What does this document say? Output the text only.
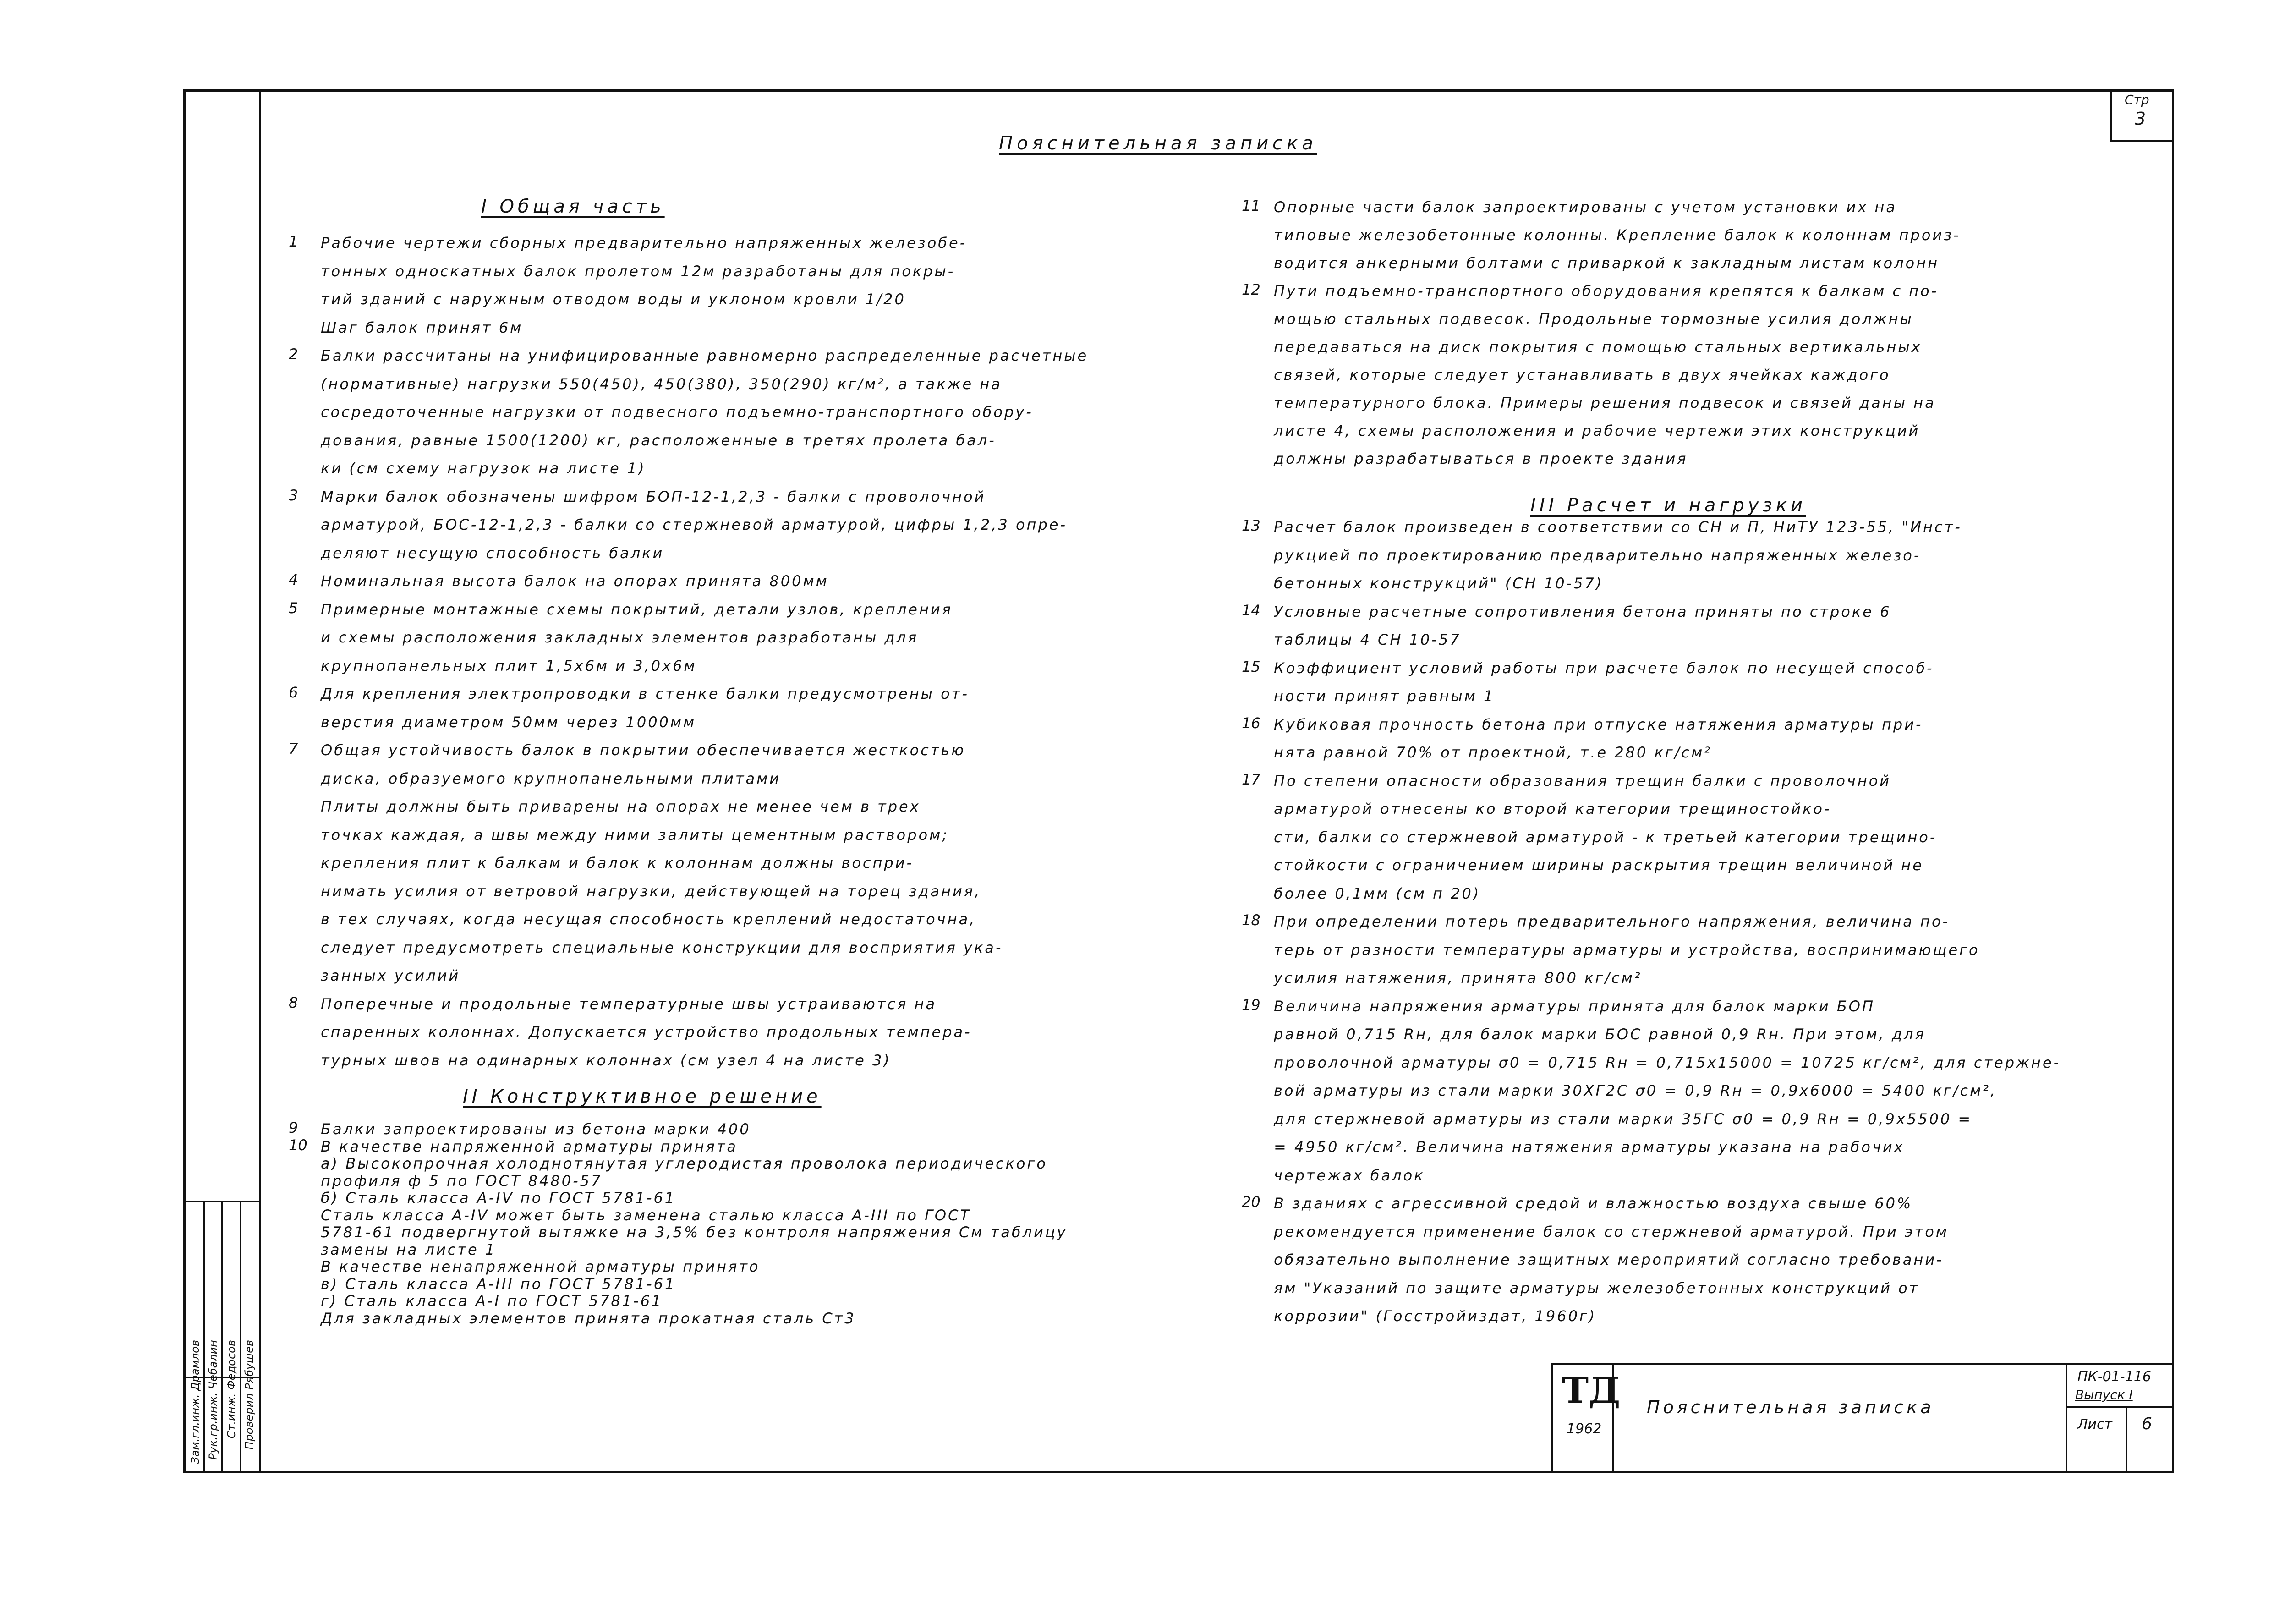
Стр
3
Пояснительная записка
I Общая часть
II Конструктивное решение
III Расчет и нагрузки
1 Рабочие чертежи сборных предварительно напряженных железобе-
тонных односкатных балок пролетом 12м разработаны для покры-
тий зданий с наружным отводом воды и уклоном кровли 1/20
Шаг балок принят 6м
2 Балки рассчитаны на унифицированные равномерно распределенные расчетные
(нормативные) нагрузки 550(450), 450(380), 350(290) кг/м², а также на
сосредоточенные нагрузки от подвесного подъемно-транспортного обору-
дования, равные 1500(1200) кг, расположенные в третях пролета бал-
ки (см схему нагрузок на листе 1)
3 Марки балок обозначены шифром БОП-12-1,2,3 - балки с проволочной
арматурой, БОС-12-1,2,3 - балки со стержневой арматурой, цифры 1,2,3 опре-
деляют несущую способность балки
4 Номинальная высота балок на опорах принята 800мм
5 Примерные монтажные схемы покрытий, детали узлов, крепления
и схемы расположения закладных элементов разработаны для
крупнопанельных плит 1,5х6м и 3,0х6м
6 Для крепления электропроводки в стенке балки предусмотрены от-
верстия диаметром 50мм через 1000мм
7 Общая устойчивость балок в покрытии обеспечивается жесткостью
диска, образуемого крупнопанельными плитами
Плиты должны быть приварены на опорах не менее чем в трех
точках каждая, а швы между ними залиты цементным раствором;
крепления плит к балкам и балок к колоннам должны воспри-
нимать усилия от ветровой нагрузки, действующей на торец здания,
в тех случаях, когда несущая способность креплений недостаточна,
следует предусмотреть специальные конструкции для восприятия ука-
занных усилий
8 Поперечные и продольные температурные швы устраиваются на
спаренных колоннах. Допускается устройство продольных темпера-
турных швов на одинарных колоннах (см узел 4 на листе 3)
9 Балки запроектированы из бетона марки 400
10 В качестве напряженной арматуры принята
а) Высокопрочная холоднотянутая углеродистая проволока периодического
профиля ф 5 по ГОСТ 8480-57
б) Сталь класса А-IV по ГОСТ 5781-61
Сталь класса А-IV может быть заменена сталью класса А-III по ГОСТ
5781-61 подвергнутой вытяжке на 3,5% без контроля напряжения См таблицу
замены на листе 1
В качестве ненапряженной арматуры принято
в) Сталь класса А-III по ГОСТ 5781-61
г) Сталь класса А-I по ГОСТ 5781-61
Для закладных элементов принята прокатная сталь Ст3
11 Опорные части балок запроектированы с учетом установки их на
типовые железобетонные колонны. Крепление балок к колоннам произ-
водится анкерными болтами с приваркой к закладным листам колонн
12 Пути подъемно-транспортного оборудования крепятся к балкам с по-
мощью стальных подвесок. Продольные тормозные усилия должны
передаваться на диск покрытия с помощью стальных вертикальных
связей, которые следует устанавливать в двух ячейках каждого
температурного блока. Примеры решения подвесок и связей даны на
листе 4, схемы расположения и рабочие чертежи этих конструкций
должны разрабатываться в проекте здания
13 Расчет балок произведен в соответствии со СН и П, НиТУ 123-55, "Инст-
рукцией по проектированию предварительно напряженных железо-
бетонных конструкций" (СН 10-57)
14 Условные расчетные сопротивления бетона приняты по строке 6
таблицы 4 СН 10-57
15 Коэффициент условий работы при расчете балок по несущей способ-
ности принят равным 1
16 Кубиковая прочность бетона при отпуске натяжения арматуры при-
нята равной 70% от проектной, т.е 280 кг/см²
17 По степени опасности образования трещин балки с проволочной
арматурой отнесены ко второй категории трещиностойко-
сти, балки со стержневой арматурой - к третьей категории трещино-
стойкости с ограничением ширины раскрытия трещин величиной не
более 0,1мм (см п 20)
18 При определении потерь предварительного напряжения, величина по-
терь от разности температуры арматуры и устройства, воспринимающего
усилия натяжения, принята 800 кг/см²
19 Величина напряжения арматуры принята для балок марки БОП
равной 0,715 Rн, для балок марки БОС равной 0,9 Rн. При этом, для
проволочной арматуры σ0 = 0,715 Rн = 0,715х15000 = 10725 кг/см², для стержне-
вой арматуры из стали марки 30ХГ2С σ0 = 0,9 Rн = 0,9х6000 = 5400 кг/см²,
для стержневой арматуры из стали марки 35ГС σ0 = 0,9 Rн = 0,9х5500 =
= 4950 кг/см². Величина натяжения арматуры указана на рабочих
чертежах балок
20 В зданиях с агрессивной средой и влажностью воздуха свыше 60%
рекомендуется применение балок со стержневой арматурой. При этом
обязательно выполнение защитных мероприятий согласно требовани-
ям "Указаний по защите арматуры железобетонных конструкций от
коррозии" (Госстройиздат, 1960г)
Зам.гл.инж. Драмлов Рук.гр.инж. Чебалин Ст.инж. Федосов Проверил Рябушев	ТД
1962
Пояснительная записка
ПК-01-116
Выпуск I
Лист 6
